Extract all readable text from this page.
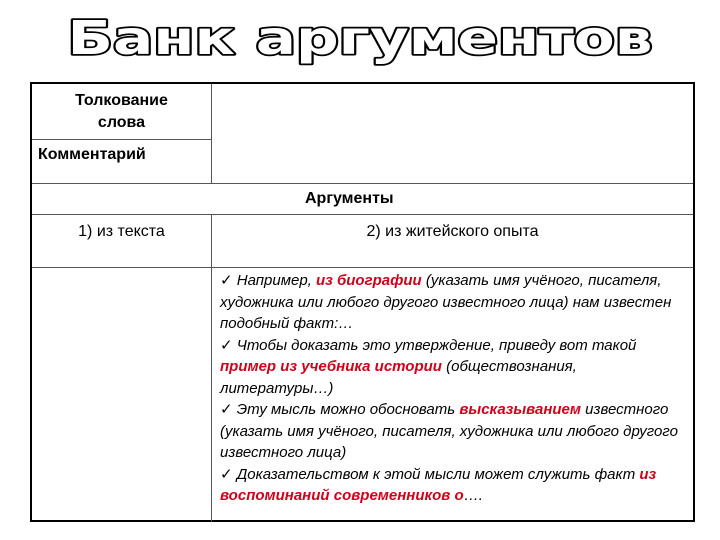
Банк аргументов
Толкование слова
Комментарий
Аргументы
1) из текста	2) из житейского опыта

✓ Например, из биографии (указать имя учёного, писателя, художника или любого другого известного лица) нам известен подобный факт:…

✓ Чтобы доказать это утверждение, приведу вот такой пример из учебника истории (обществознания, литературы…)

✓ Эту мысль можно обосновать высказыванием известного (указать имя учёного, писателя, художника или любого другого известного лица)

✓ Доказательством к этой мысли может служить факт из воспоминаний современников о….
